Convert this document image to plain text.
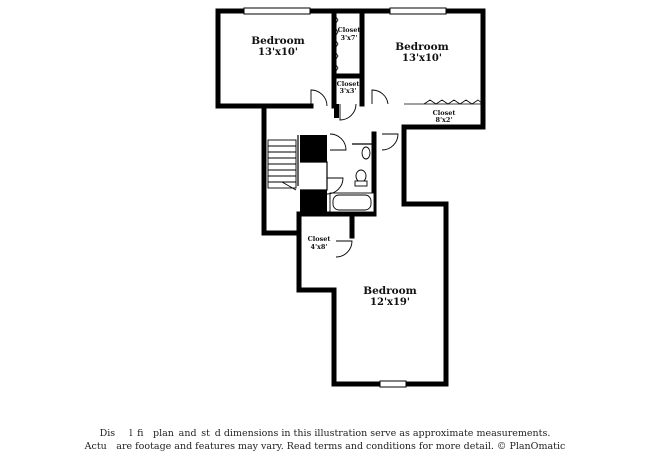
Bedroom
13'x10'	Bedroom
13'x10'
Bedroom
12'x19'
Closet
3'x7'
Closet
3'x3'
Closet
8'x2'
Closet
4'x8'
Dis   l fi  plan and st d dimensions in this illustration serve as approximate measurements.
Actu  are footage and features may vary. Read terms and conditions for more detail. © PlanOmatic
